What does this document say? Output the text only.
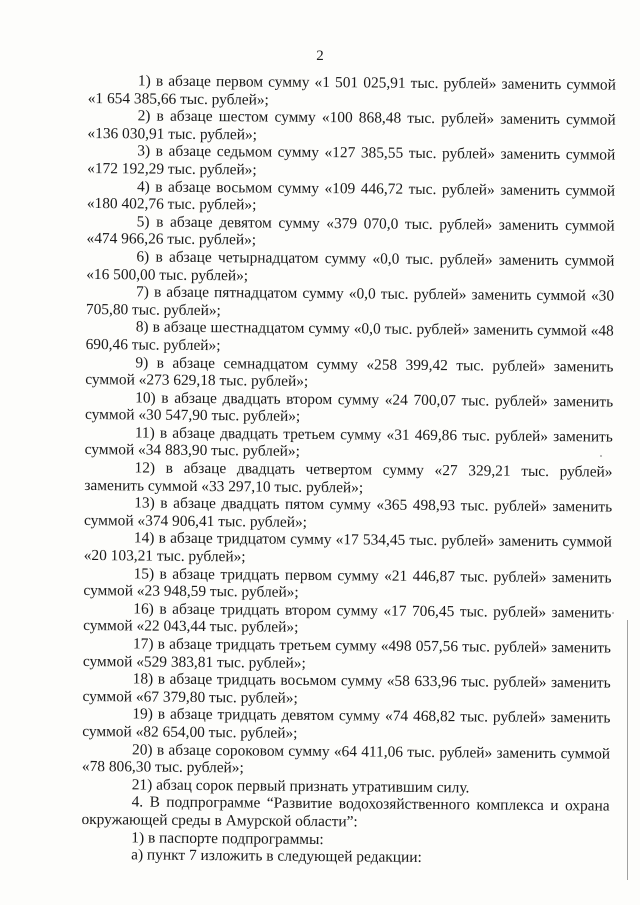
2

1) в абзаце первом сумму «1 501 025,91 тыс. рублей» заменить суммой «1 654 385,66 тыс. рублей»;

2) в абзаце шестом сумму «100 868,48 тыс. рублей» заменить суммой «136 030,91 тыс. рублей»;

3) в абзаце седьмом сумму «127 385,55 тыс. рублей» заменить суммой «172 192,29 тыс. рублей»;

4) в абзаце восьмом сумму «109 446,72 тыс. рублей» заменить суммой «180 402,76 тыс. рублей»;

5) в абзаце девятом сумму «379 070,0 тыс. рублей» заменить суммой «474 966,26 тыс. рублей»;

6) в абзаце четырнадцатом сумму «0,0 тыс. рублей» заменить суммой «16 500,00 тыс. рублей»;

7) в абзаце пятнадцатом сумму «0,0 тыс. рублей» заменить суммой «30 705,80 тыс. рублей»;

8) в абзаце шестнадцатом сумму «0,0 тыс. рублей» заменить суммой «48 690,46 тыс. рублей»;

9) в абзаце семнадцатом сумму «258 399,42 тыс. рублей» заменить суммой «273 629,18 тыс. рублей»;

10) в абзаце двадцать втором сумму «24 700,07 тыс. рублей» заменить суммой «30 547,90 тыс. рублей»;

11) в абзаце двадцать третьем сумму «31 469,86 тыс. рублей» заменить суммой «34 883,90 тыс. рублей»;

12) в абзаце двадцать четвертом сумму «27 329,21 тыс. рублей» заменить суммой «33 297,10 тыс. рублей»;

13) в абзаце двадцать пятом сумму «365 498,93 тыс. рублей» заменить суммой «374 906,41 тыс. рублей»;

14) в абзаце тридцатом сумму «17 534,45 тыс. рублей» заменить суммой «20 103,21 тыс. рублей»;

15) в абзаце тридцать первом сумму «21 446,87 тыс. рублей» заменить суммой «23 948,59 тыс. рублей»;

16) в абзаце тридцать втором сумму «17 706,45 тыс. рублей» заменить суммой «22 043,44 тыс. рублей»;

17) в абзаце тридцать третьем сумму «498 057,56 тыс. рублей» заменить суммой «529 383,81 тыс. рублей»;

18) в абзаце тридцать восьмом сумму «58 633,96 тыс. рублей» заменить суммой «67 379,80 тыс. рублей»;

19) в абзаце тридцать девятом сумму «74 468,82 тыс. рублей» заменить суммой «82 654,00 тыс. рублей»;

20) в абзаце сороковом сумму «64 411,06 тыс. рублей» заменить суммой «78 806,30 тыс. рублей»;

21) абзац сорок первый признать утратившим силу.

4. В подпрограмме “Развитие водохозяйственного комплекса и охрана окружающей среды в Амурской области”:

1) в паспорте подпрограммы:

а) пункт 7 изложить в следующей редакции:
